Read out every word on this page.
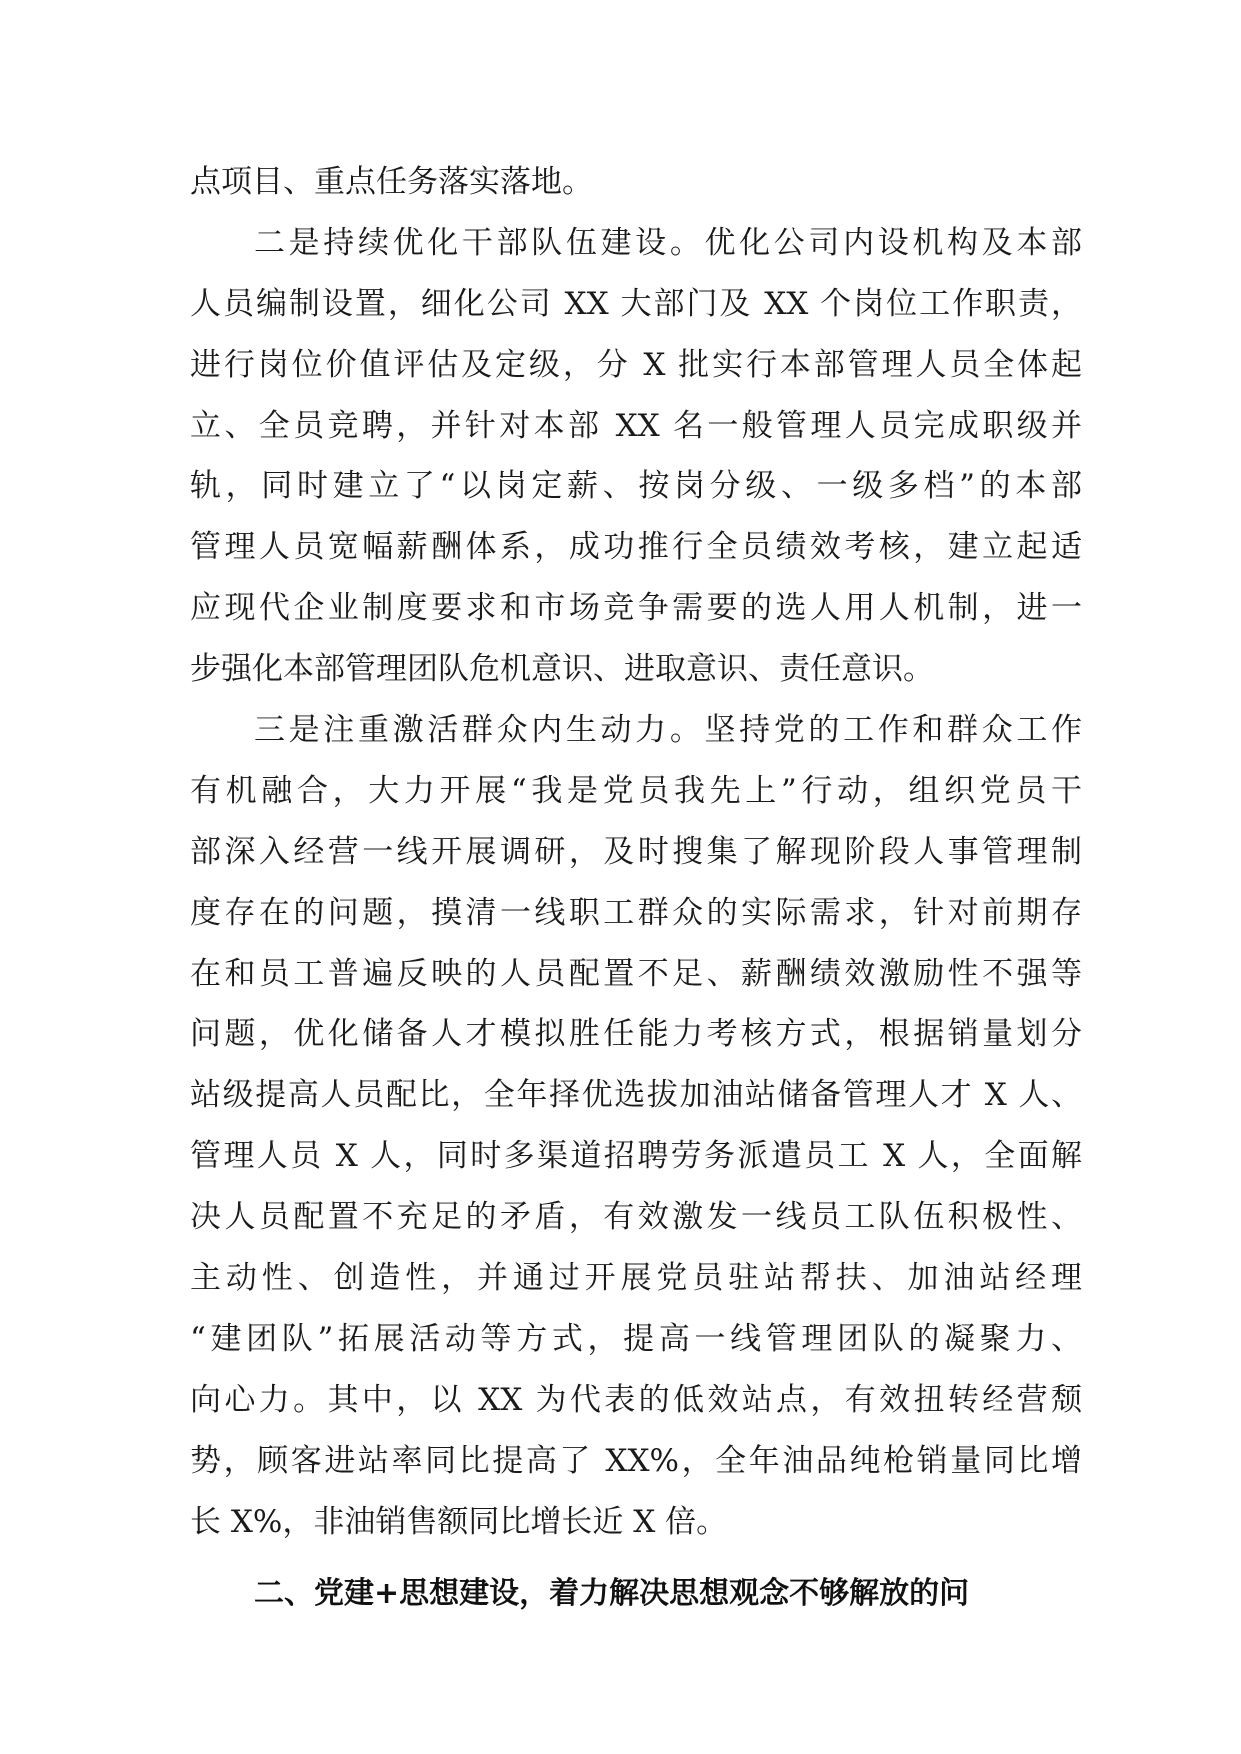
点项目、重点任务落实落地。
二是持续优化干部队伍建设。优化公司内设机构及本部
人员编制设置，细化公司 XX 大部门及 XX 个岗位工作职责，
进行岗位价值评估及定级，分 X 批实行本部管理人员全体起
立、全员竞聘，并针对本部 XX 名一般管理人员完成职级并
轨，同时建立了“以岗定薪、按岗分级、一级多档”的本部
管理人员宽幅薪酬体系，成功推行全员绩效考核，建立起适
应现代企业制度要求和市场竞争需要的选人用人机制，进一
步强化本部管理团队危机意识、进取意识、责任意识。
三是注重激活群众内生动力。坚持党的工作和群众工作
有机融合，大力开展“我是党员我先上”行动，组织党员干
部深入经营一线开展调研，及时搜集了解现阶段人事管理制
度存在的问题，摸清一线职工群众的实际需求，针对前期存
在和员工普遍反映的人员配置不足、薪酬绩效激励性不强等
问题，优化储备人才模拟胜任能力考核方式，根据销量划分
站级提高人员配比，全年择优选拔加油站储备管理人才 X 人、
管理人员 X 人，同时多渠道招聘劳务派遣员工 X 人，全面解
决人员配置不充足的矛盾，有效激发一线员工队伍积极性、
主动性、创造性，并通过开展党员驻站帮扶、加油站经理
“建团队”拓展活动等方式，提高一线管理团队的凝聚力、
向心力。其中，以 XX 为代表的低效站点，有效扭转经营颓
势，顾客进站率同比提高了 XX%，全年油品纯枪销量同比增
长 X%，非油销售额同比增长近 X 倍。
二、党建+思想建设，着力解决思想观念不够解放的问
